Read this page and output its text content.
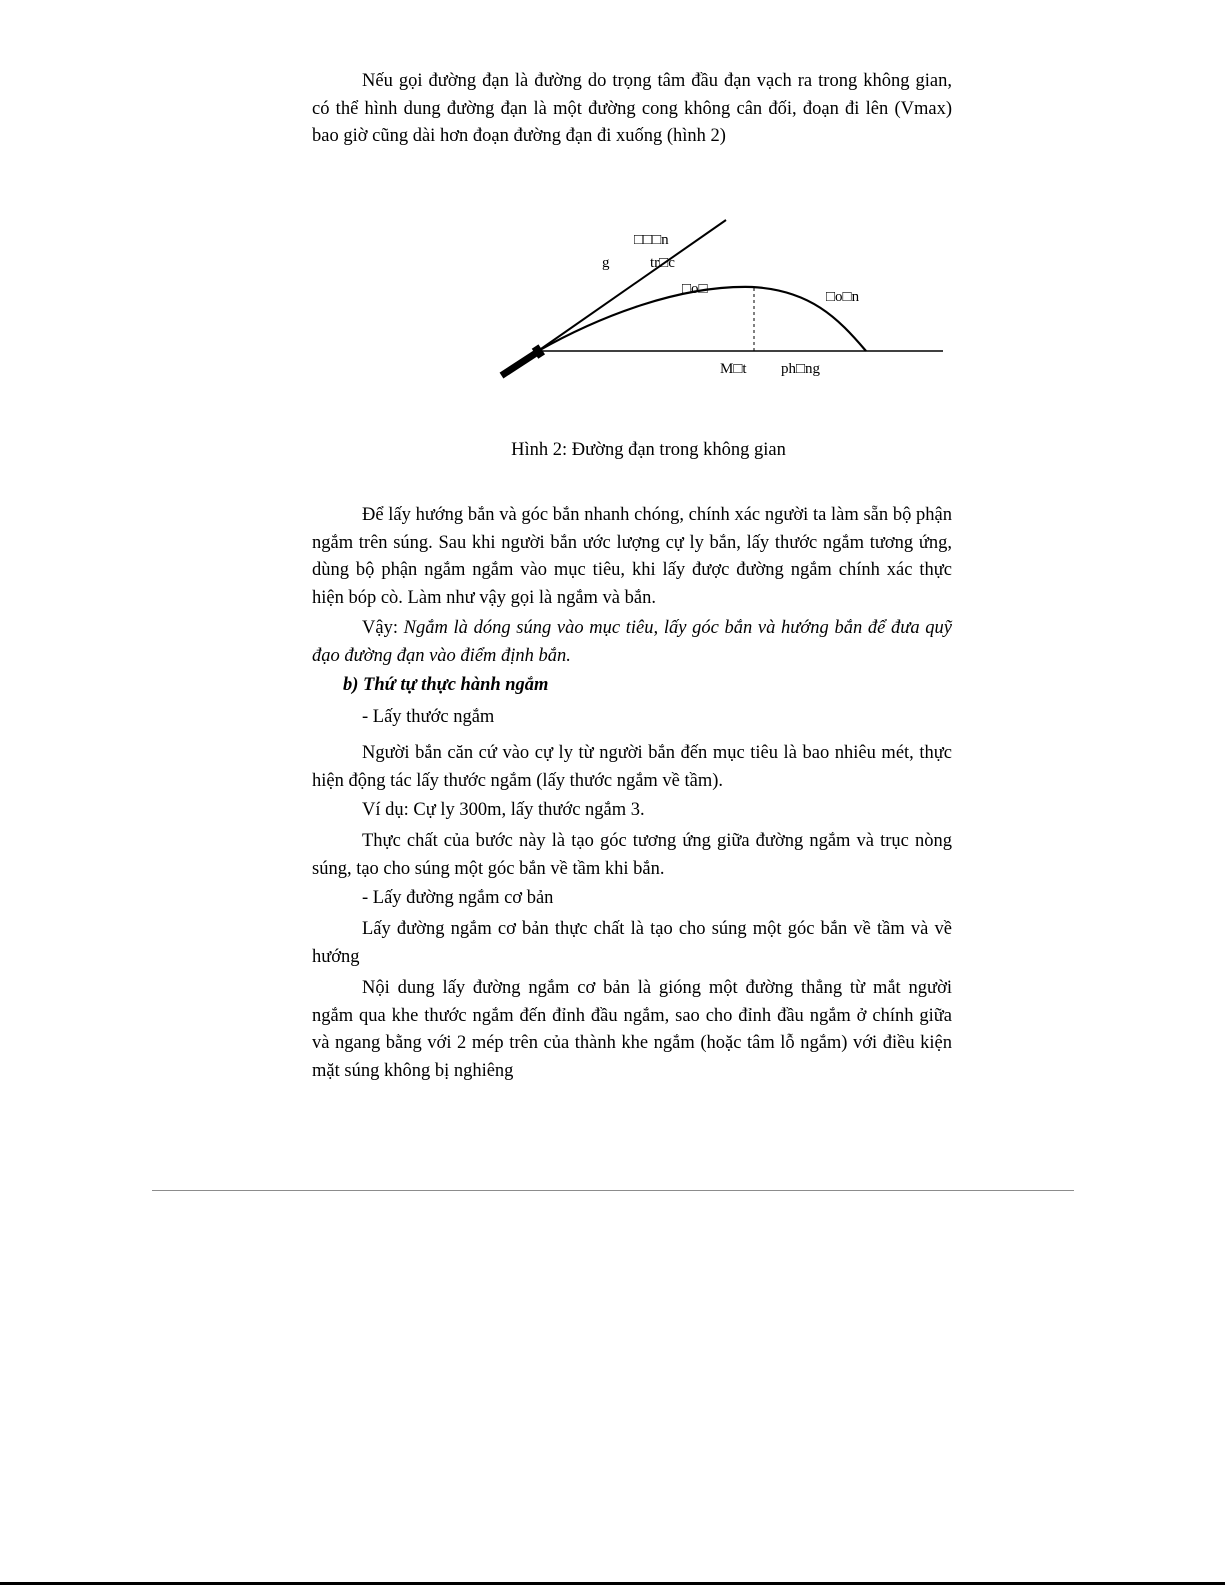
Nếu gọi đường đạn là đường do trọng tâm đầu đạn vạch ra trong không gian, có thể hình dung đường đạn là một đường cong không cân đối, đoạn đi lên (Vmax) bao giờ cũng dài hơn đoạn đường đạn đi xuống (hình 2)

□□□n
g	tr□c
□o□	□o□n
M□t ph□ng
Hình 2: Đường đạn trong không gian

Để lấy hướng bắn và góc bắn nhanh chóng, chính xác người ta làm sẵn bộ phận ngắm trên súng. Sau khi người bắn ước lượng cự ly bắn, lấy thước ngắm tương ứng, dùng bộ phận ngắm ngắm vào mục tiêu, khi lấy được đường ngắm chính xác thực hiện bóp cò. Làm như vậy gọi là ngắm và bắn.

Vậy: Ngắm là dóng súng vào mục tiêu, lấy góc bắn và hướng bắn để đưa quỹ đạo đường đạn vào điểm định bắn.

b) Thứ tự thực hành ngắm

- Lấy thước ngắm

Người bắn căn cứ vào cự ly từ người bắn đến mục tiêu là bao nhiêu mét, thực hiện động tác lấy thước ngắm (lấy thước ngắm về tầm).

Ví dụ: Cự ly 300m, lấy thước ngắm 3.

Thực chất của bước này là tạo góc tương ứng giữa đường ngắm và trục nòng súng, tạo cho súng một góc bắn về tầm khi bắn.

- Lấy đường ngắm cơ bản

Lấy đường ngắm cơ bản thực chất là tạo cho súng một góc bắn về tầm và về hướng

Nội dung lấy đường ngắm cơ bản là gióng một đường thẳng từ mắt người ngắm qua khe thước ngắm đến đỉnh đầu ngắm, sao cho đỉnh đầu ngắm ở chính giữa và ngang bằng với 2 mép trên của thành khe ngắm (hoặc tâm lỗ ngắm) với điều kiện mặt súng không bị nghiêng
